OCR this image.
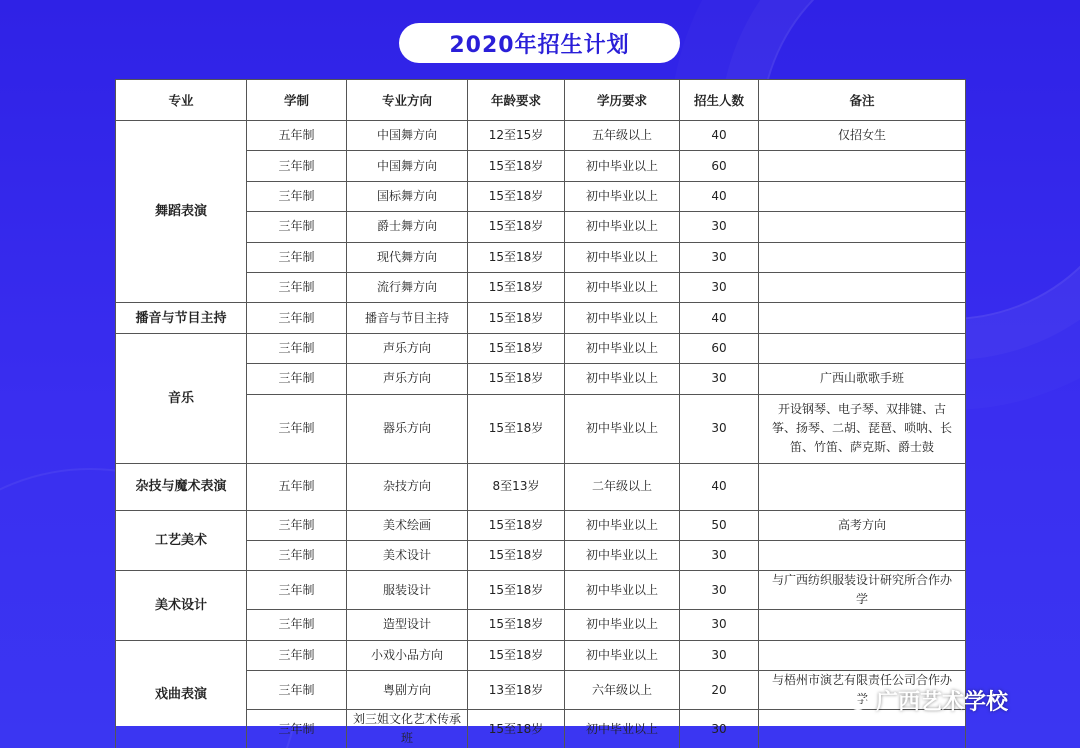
2020年招生计划
专业	学制	专业方向	年龄要求	学历要求	招生人数	备注
舞蹈表演	五年制	中国舞方向	12至15岁	五年级以上	40	仅招女生
	三年制	中国舞方向	15至18岁	初中毕业以上	60	
	三年制	国标舞方向	15至18岁	初中毕业以上	40	
	三年制	爵士舞方向	15至18岁	初中毕业以上	30	
	三年制	现代舞方向	15至18岁	初中毕业以上	30	
	三年制	流行舞方向	15至18岁	初中毕业以上	30	
播音与节目主持	三年制	播音与节目主持	15至18岁	初中毕业以上	40	
音乐	三年制	声乐方向	15至18岁	初中毕业以上	60	
	三年制	声乐方向	15至18岁	初中毕业以上	30	广西山歌歌手班
	三年制	器乐方向	15至18岁	初中毕业以上	30	开设钢琴、电子琴、双排键、古筝、扬琴、二胡、琵琶、唢呐、长笛、竹笛、萨克斯、爵士鼓
杂技与魔术表演	五年制	杂技方向	8至13岁	二年级以上	40	
工艺美术	三年制	美术绘画	15至18岁	初中毕业以上	50	高考方向
	三年制	美术设计	15至18岁	初中毕业以上	30	
美术设计	三年制	服装设计	15至18岁	初中毕业以上	30	与广西纺织服装设计研究所合作办学
	三年制	造型设计	15至18岁	初中毕业以上	30	
戏曲表演	三年制	小戏小品方向	15至18岁	初中毕业以上	30	
	三年制	粤剧方向	13至18岁	六年级以上	20	与梧州市演艺有限责任公司合作办学
	三年制	刘三姐文化艺术传承班	15至18岁	初中毕业以上	30	
广西艺术学校
